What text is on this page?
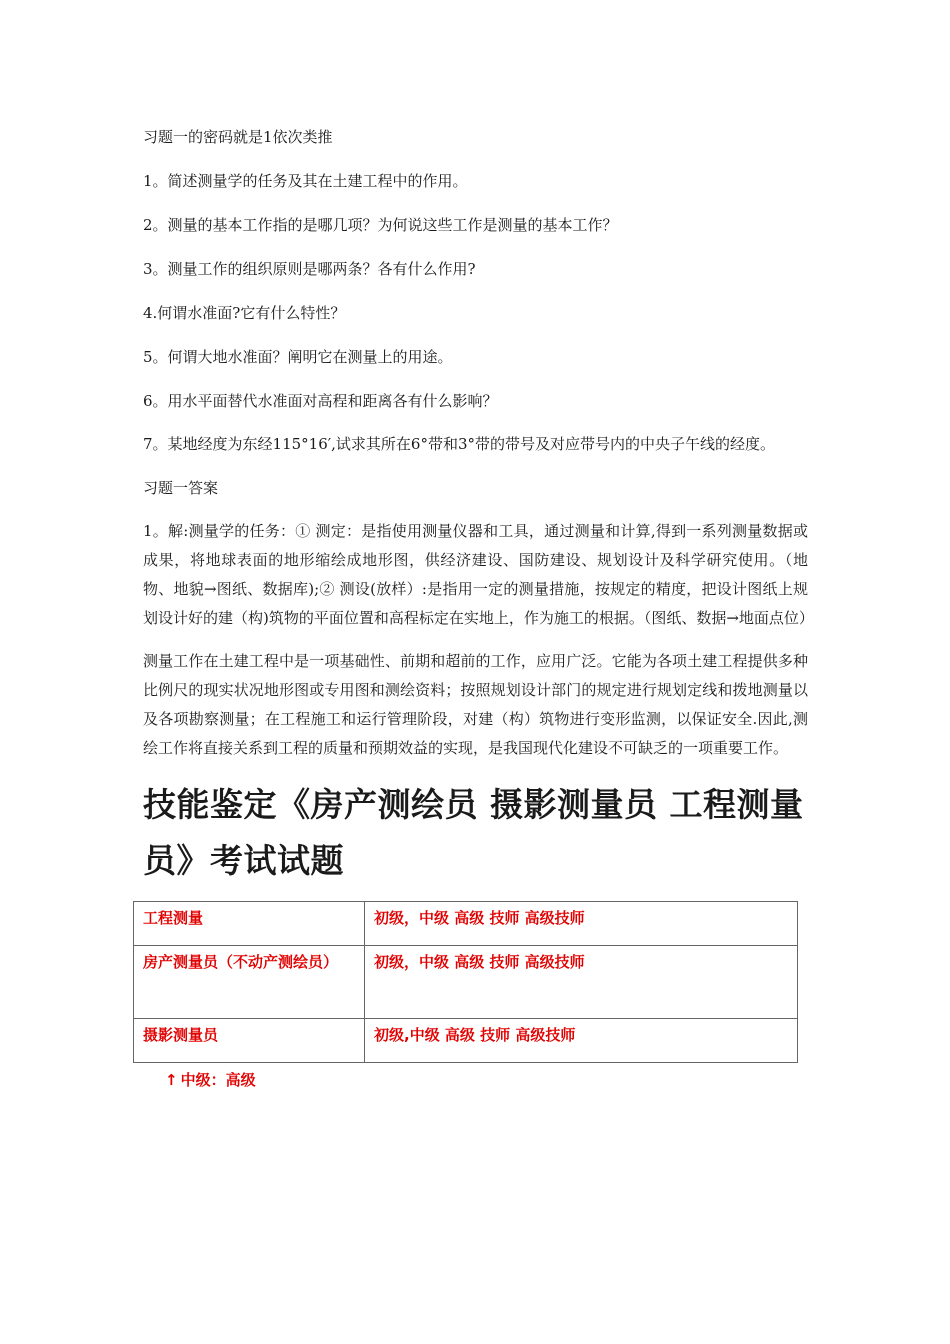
习题一的密码就是1依次类推

1。简述测量学的任务及其在土建工程中的作用。

2。测量的基本工作指的是哪几项？为何说这些工作是测量的基本工作？

3。测量工作的组织原则是哪两条？各有什么作用?

4.何谓水准面?它有什么特性？

5。何谓大地水准面？阐明它在测量上的用途。

6。用水平面替代水准面对高程和距离各有什么影响？

7。某地经度为东经115°16′,试求其所在6°带和3°带的带号及对应带号内的中央子午线的经度。

习题一答案

1。解:测量学的任务：① 测定：是指使用测量仪器和工具，通过测量和计算,得到一系列测量数据或成果，将地球表面的地形缩绘成地形图，供经济建设、国防建设、规划设计及科学研究使用。（地物、地貌→图纸、数据库);② 测设(放样）:是指用一定的测量措施，按规定的精度，把设计图纸上规划设计好的建（构)筑物的平面位置和高程标定在实地上，作为施工的根据。（图纸、数据→地面点位）

测量工作在土建工程中是一项基础性、前期和超前的工作，应用广泛。它能为各项土建工程提供多种比例尺的现实状况地形图或专用图和测绘资料；按照规划设计部门的规定进行规划定线和拨地测量以及各项勘察测量；在工程施工和运行管理阶段，对建（构）筑物进行变形监测，以保证安全.因此,测绘工作将直接关系到工程的质量和预期效益的实现，是我国现代化建设不可缺乏的一项重要工作。

技能鉴定《房产测绘员 摄影测量员 工程测量员》考试试题
工程测量	初级，中级 高级 技师 高级技师
房产测量员（不动产测绘员）	初级，中级 高级 技师 高级技师
摄影测量员	初级,中级 高级 技师 高级技师
↑ 中级：高级
